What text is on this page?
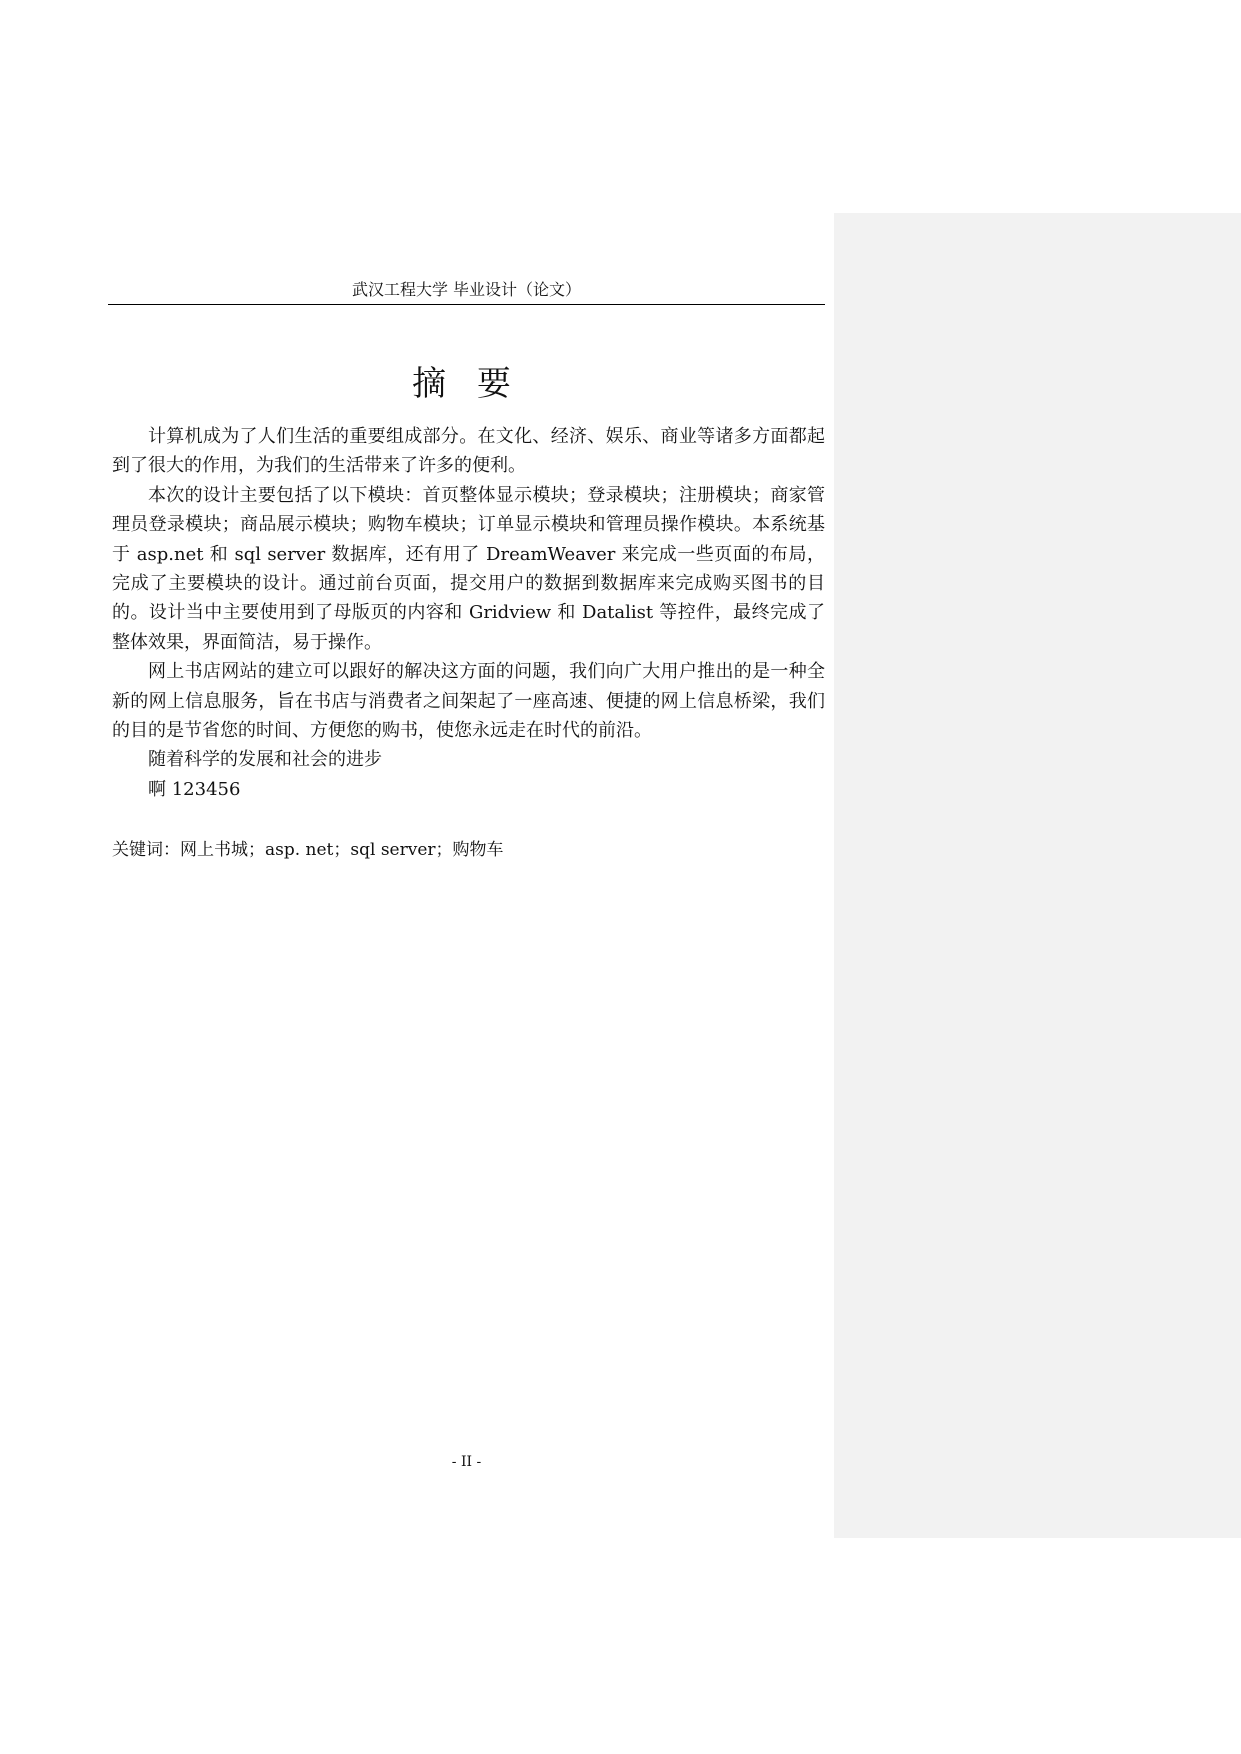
武汉工程大学 毕业设计（论文）
摘 要

计算机成为了人们生活的重要组成部分。在文化、经济、娱乐、商业等诸多方面都起到了很大的作用，为我们的生活带来了许多的便利。

本次的设计主要包括了以下模块：首页整体显示模块；登录模块；注册模块；商家管理员登录模块；商品展示模块；购物车模块；订单显示模块和管理员操作模块。本系统基于 asp.net 和 sql server 数据库，还有用了 DreamWeaver 来完成一些页面的布局，完成了主要模块的设计。通过前台页面，提交用户的数据到数据库来完成购买图书的目的。设计当中主要使用到了母版页的内容和 Gridview 和 Datalist 等控件，最终完成了整体效果，界面简洁，易于操作。

网上书店网站的建立可以跟好的解决这方面的问题，我们向广大用户推出的是一种全新的网上信息服务，旨在书店与消费者之间架起了一座高速、便捷的网上信息桥梁，我们的目的是节省您的时间、方便您的购书，使您永远走在时代的前沿。

随着科学的发展和社会的进步

啊 123456

关键词：网上书城；asp. net；sql server；购物车
- II -
